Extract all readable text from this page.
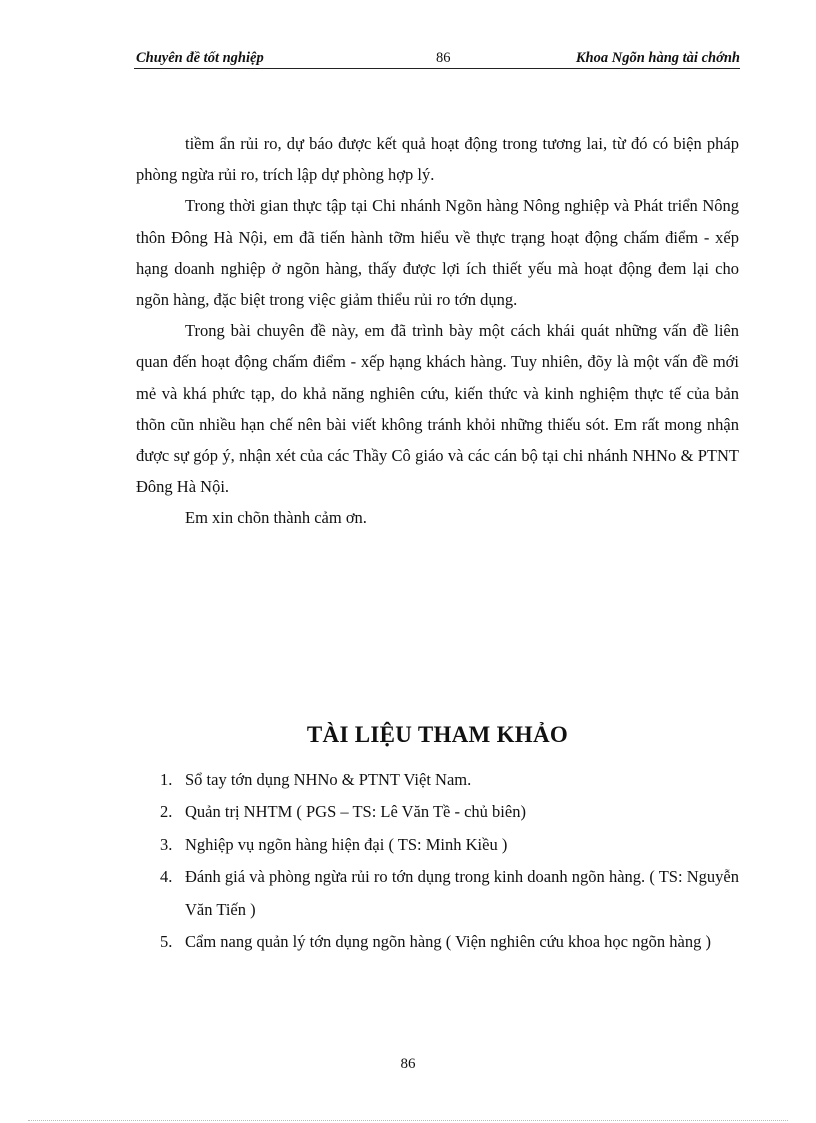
Chuyên đề tốt nghiệp	86	Khoa Ngõn hàng tài chớnh

tiềm ẩn rủi ro, dự báo được kết quả hoạt động trong tương lai, từ đó có biện pháp phòng ngừa rủi ro, trích lập dự phòng hợp lý.

Trong thời gian thực tập tại Chi nhánh Ngõn hàng Nông nghiệp và Phát triển Nông thôn Đông Hà Nội, em đã tiến hành tỡm hiểu về thực trạng hoạt động chấm điểm - xếp hạng doanh nghiệp ở ngõn hàng, thấy được lợi ích thiết yếu mà hoạt động đem lại cho ngõn hàng, đặc biệt trong việc giảm thiểu rủi ro tớn dụng.

Trong bài chuyên đề này, em đã trình bày một cách khái quát những vấn đề liên quan đến hoạt động chấm điểm - xếp hạng khách hàng. Tuy nhiên, đõy là một vấn đề mới mẻ và khá phức tạp, do khả năng nghiên cứu, kiến thức và kinh nghiệm thực tế của bản thõn cũn nhiều hạn chế nên bài viết không tránh khỏi những thiếu sót. Em rất mong nhận được sự góp ý, nhận xét của các Thầy Cô giáo và các cán bộ tại chi nhánh NHNo & PTNT Đông Hà Nội.

Em xin chõn thành cảm ơn.

TÀI LIỆU THAM KHẢO
1. Sổ tay tớn dụng NHNo & PTNT Việt Nam.
2. Quản trị NHTM ( PGS – TS: Lê Văn Tề - chủ biên)
3. Nghiệp vụ ngõn hàng hiện đại ( TS: Minh Kiều )
4. Đánh giá và phòng ngừa rủi ro tớn dụng trong kinh doanh ngõn hàng. ( TS: Nguyễn Văn Tiến )
5. Cẩm nang quản lý tớn dụng ngõn hàng ( Viện nghiên cứu khoa học ngõn hàng )
86
